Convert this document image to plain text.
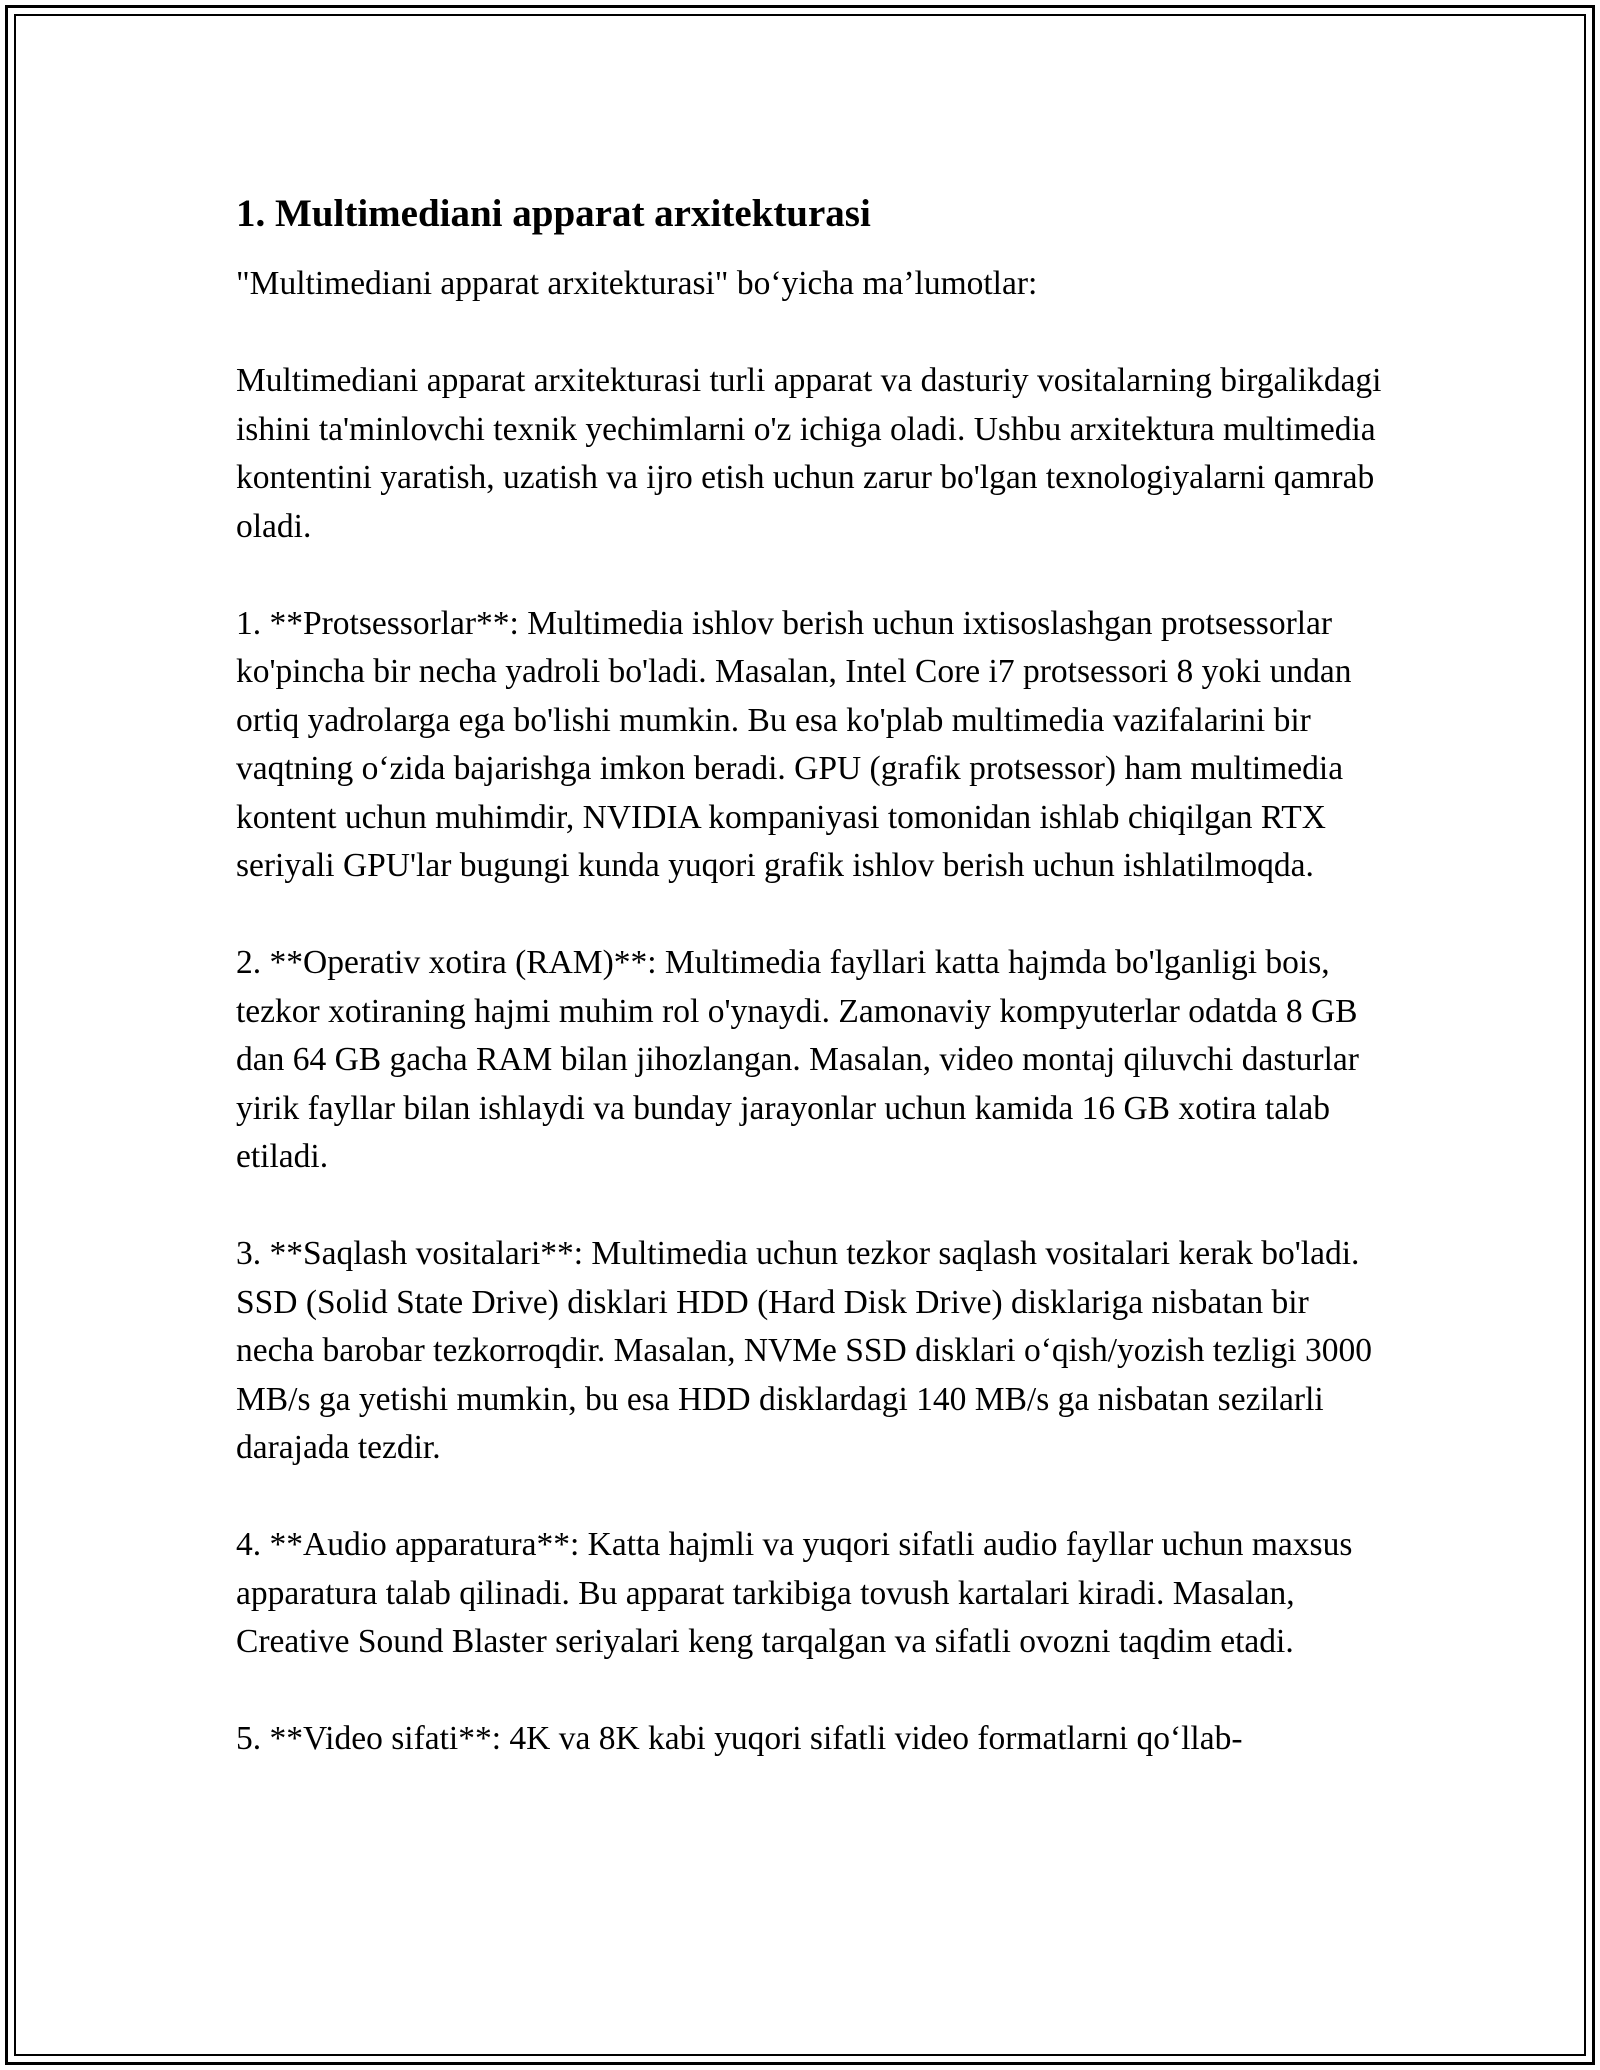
1. Multimediani apparat arxitekturasi

"Multimediani apparat arxitekturasi" bo‘yicha ma’lumotlar:

Multimediani apparat arxitekturasi turli apparat va dasturiy vositalarning birgalikdagi ishini ta'minlovchi texnik yechimlarni o'z ichiga oladi. Ushbu arxitektura multimedia kontentini yaratish, uzatish va ijro etish uchun zarur bo'lgan texnologiyalarni qamrab oladi.

1. **Protsessorlar**: Multimedia ishlov berish uchun ixtisoslashgan protsessorlar ko'pincha bir necha yadroli bo'ladi. Masalan, Intel Core i7 protsessori 8 yoki undan ortiq yadrolarga ega bo'lishi mumkin. Bu esa ko'plab multimedia vazifalarini bir vaqtning o‘zida bajarishga imkon beradi. GPU (grafik protsessor) ham multimedia kontent uchun muhimdir, NVIDIA kompaniyasi tomonidan ishlab chiqilgan RTX seriyali GPU'lar bugungi kunda yuqori grafik ishlov berish uchun ishlatilmoqda.

2. **Operativ xotira (RAM)**: Multimedia fayllari katta hajmda bo'lganligi bois, tezkor xotiraning hajmi muhim rol o'ynaydi. Zamonaviy kompyuterlar odatda 8 GB dan 64 GB gacha RAM bilan jihozlangan. Masalan, video montaj qiluvchi dasturlar yirik fayllar bilan ishlaydi va bunday jarayonlar uchun kamida 16 GB xotira talab etiladi.

3. **Saqlash vositalari**: Multimedia uchun tezkor saqlash vositalari kerak bo'ladi. SSD (Solid State Drive) disklari HDD (Hard Disk Drive) disklariga nisbatan bir necha barobar tezkorroqdir. Masalan, NVMe SSD disklari o‘qish/yozish tezligi 3000 MB/s ga yetishi mumkin, bu esa HDD disklardagi 140 MB/s ga nisbatan sezilarli darajada tezdir.

4. **Audio apparatura**: Katta hajmli va yuqori sifatli audio fayllar uchun maxsus apparatura talab qilinadi. Bu apparat tarkibiga tovush kartalari kiradi. Masalan, Creative Sound Blaster seriyalari keng tarqalgan va sifatli ovozni taqdim etadi.

5. **Video sifati**: 4K va 8K kabi yuqori sifatli video formatlarni qo‘llab-
